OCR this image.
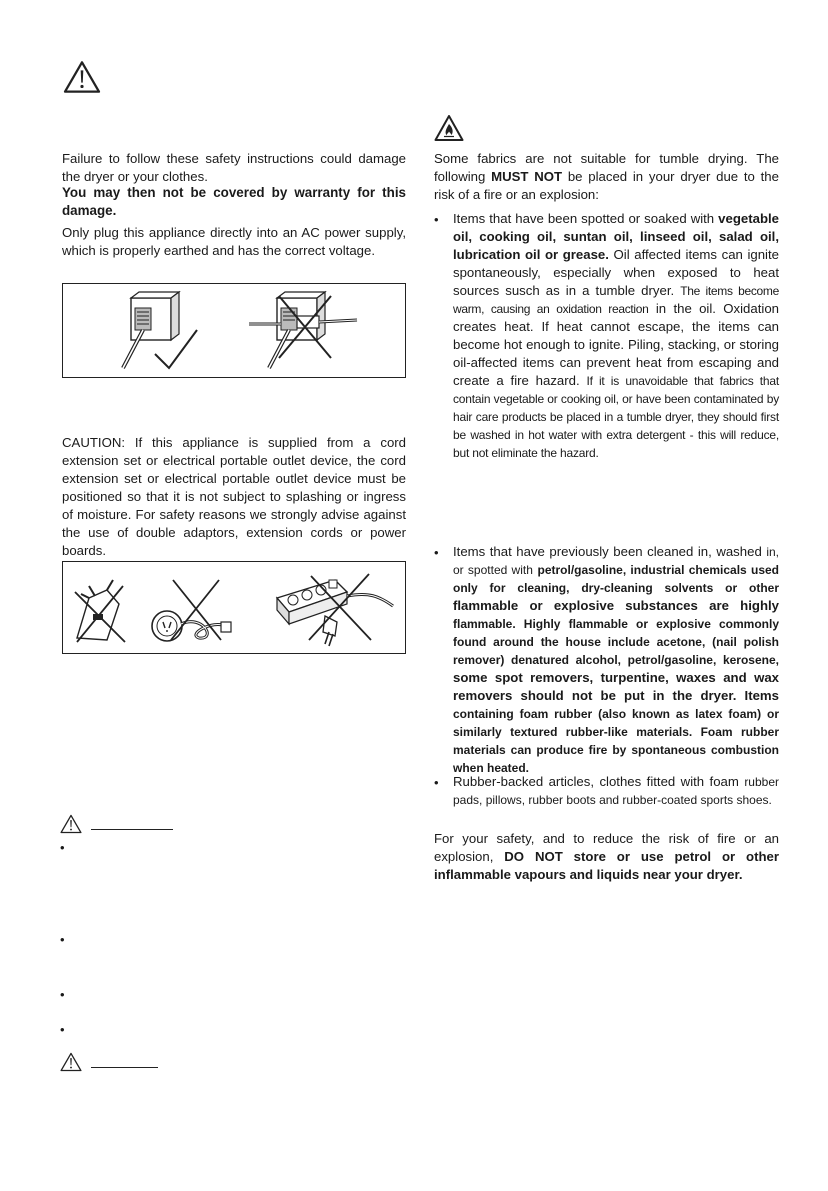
Failure to follow these safety instructions could damage the dryer or your clothes.
You may then not be covered by warranty for this damage.
Only plug this appliance directly into an AC power supply, which is properly earthed and has the correct voltage.
CAUTION: If this appliance is supplied from a cord extension set or electrical portable outlet device, the cord extension set or electrical portable outlet device must be positioned so that it is not subject to splashing or ingress of moisture. For safety reasons we strongly advise against the use of double adaptors, extension cords or power boards.
•
•
•
•
Some fabrics are not suitable for tumble drying. The following MUST NOT be placed in your dryer due to the risk of a fire or an explosion:
• Items that have been spotted or soaked with vegetable oil, cooking oil, suntan oil, linseed oil, salad oil, lubrication oil or grease. Oil affected items can ignite spontaneously, especially when exposed to heat sources susch as in a tumble dryer. The items become warm, causing an oxidation reaction in the oil. Oxidation creates heat. If heat cannot escape, the items can become hot enough to ignite. Piling, stacking, or storing oil-affected items can prevent heat from escaping and create a fire hazard. If it is unavoidable that fabrics that contain vegetable or cooking oil, or have been contaminated by hair care products be placed in a tumble dryer, they should first be washed in hot water with extra detergent - this will reduce, but not eliminate the hazard.
• Items that have previously been cleaned in, washed in, or spotted with petrol/gasoline, industrial chemicals used only for cleaning, dry-cleaning solvents or other flammable or explosive substances are highly flammable. Highly flammable or explosive commonly found around the house include acetone, (nail polish remover) denatured alcohol, petrol/gasoline, kerosene, some spot removers, turpentine, waxes and wax removers should not be put in the dryer. Items containing foam rubber (also known as latex foam) or similarly textured rubber-like materials. Foam rubber materials can produce fire by spontaneous combustion when heated.
• Rubber-backed articles, clothes fitted with foam rubber pads, pillows, rubber boots and rubber-coated sports shoes.
For your safety, and to reduce the risk of fire or an explosion, DO NOT store or use petrol or other inflammable vapours and liquids near your dryer.
